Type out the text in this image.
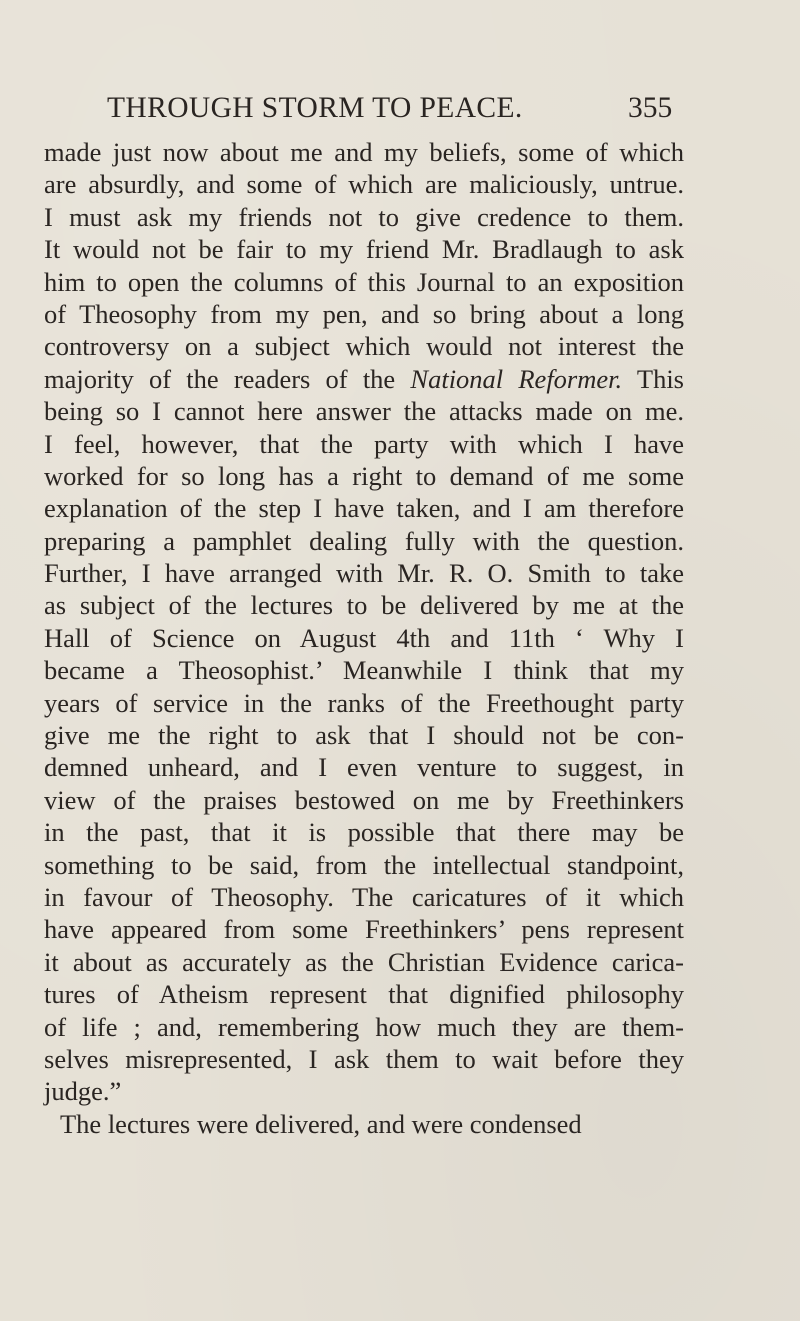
THROUGH STORM TO PEACE.	355
made just now about me and my beliefs, some of which
are absurdly, and some of which are maliciously, untrue.
I must ask my friends not to give credence to them.
It would not be fair to my friend Mr. Bradlaugh to ask
him to open the columns of this Journal to an exposition
of Theosophy from my pen, and so bring about a long
controversy on a subject which would not interest the
majority of the readers of the National Reformer. This
being so I cannot here answer the attacks made on me.
I feel, however, that the party with which I have
worked for so long has a right to demand of me some
explanation of the step I have taken, and I am therefore
preparing a pamphlet dealing fully with the question.
Further, I have arranged with Mr. R. O. Smith to take
as subject of the lectures to be delivered by me at the
Hall of Science on August 4th and 11th ‘ Why I
became a Theosophist.’ Meanwhile I think that my
years of service in the ranks of the Freethought party
give me the right to ask that I should not be con-
demned unheard, and I even venture to suggest, in
view of the praises bestowed on me by Freethinkers
in the past, that it is possible that there may be
something to be said, from the intellectual standpoint,
in favour of Theosophy. The caricatures of it which
have appeared from some Freethinkers’ pens represent
it about as accurately as the Christian Evidence carica-
tures of Atheism represent that dignified philosophy
of life ; and, remembering how much they are them-
selves misrepresented, I ask them to wait before they
judge.”
The lectures were delivered, and were condensed
